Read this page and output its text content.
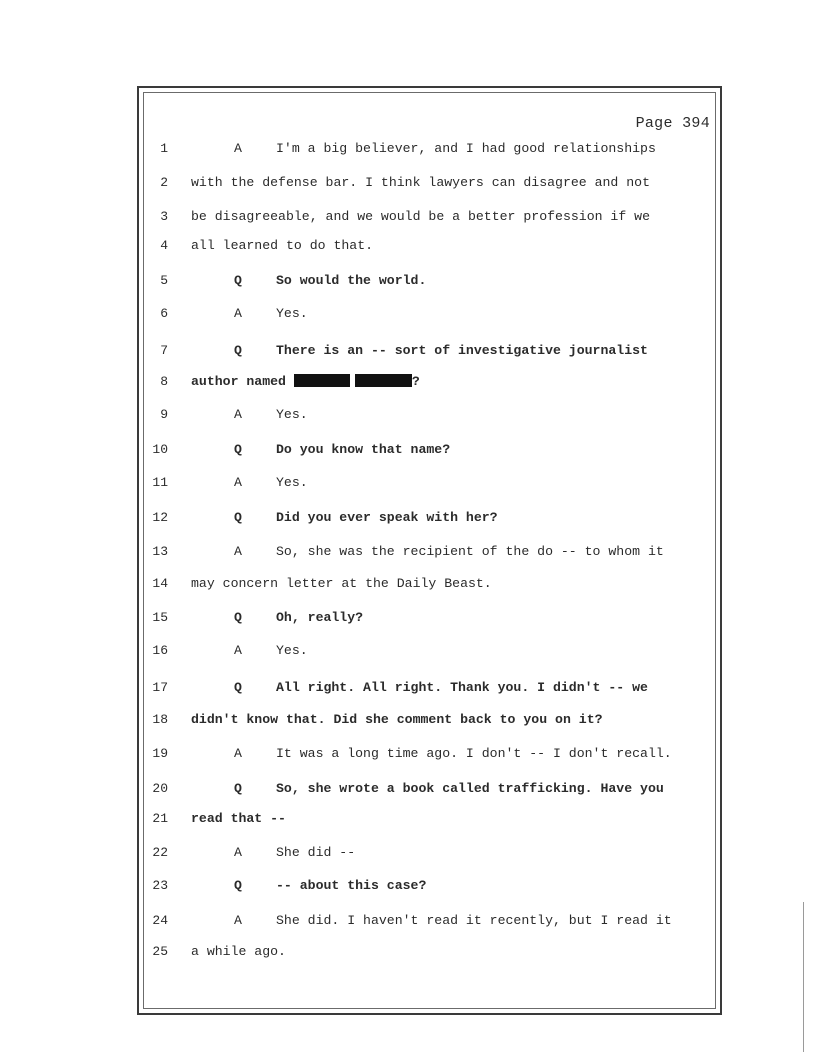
Page 394
1	A	I'm a big believer, and I had good relationships
2 with the defense bar. I think lawyers can disagree and not
3 be disagreeable, and we would be a better profession if we
4 all learned to do that.
5	Q	So would the world.
6	A	Yes.
7	Q	There is an -- sort of investigative journalist
8 author named	?
9	A	Yes.
10	Q	Do you know that name?
11	A	Yes.
12	Q	Did you ever speak with her?
13	A	So, she was the recipient of the do -- to whom it
14 may concern letter at the Daily Beast.
15	Q	Oh, really?
16	A	Yes.
17	Q	All right. All right. Thank you. I didn't -- we
18 didn't know that. Did she comment back to you on it?
19	A	It was a long time ago. I don't -- I don't recall.
20	Q	So, she wrote a book called trafficking. Have you
21 read that --
22	A	She did --
23	Q	-- about this case?
24	A	She did. I haven't read it recently, but I read it
25 a while ago.
